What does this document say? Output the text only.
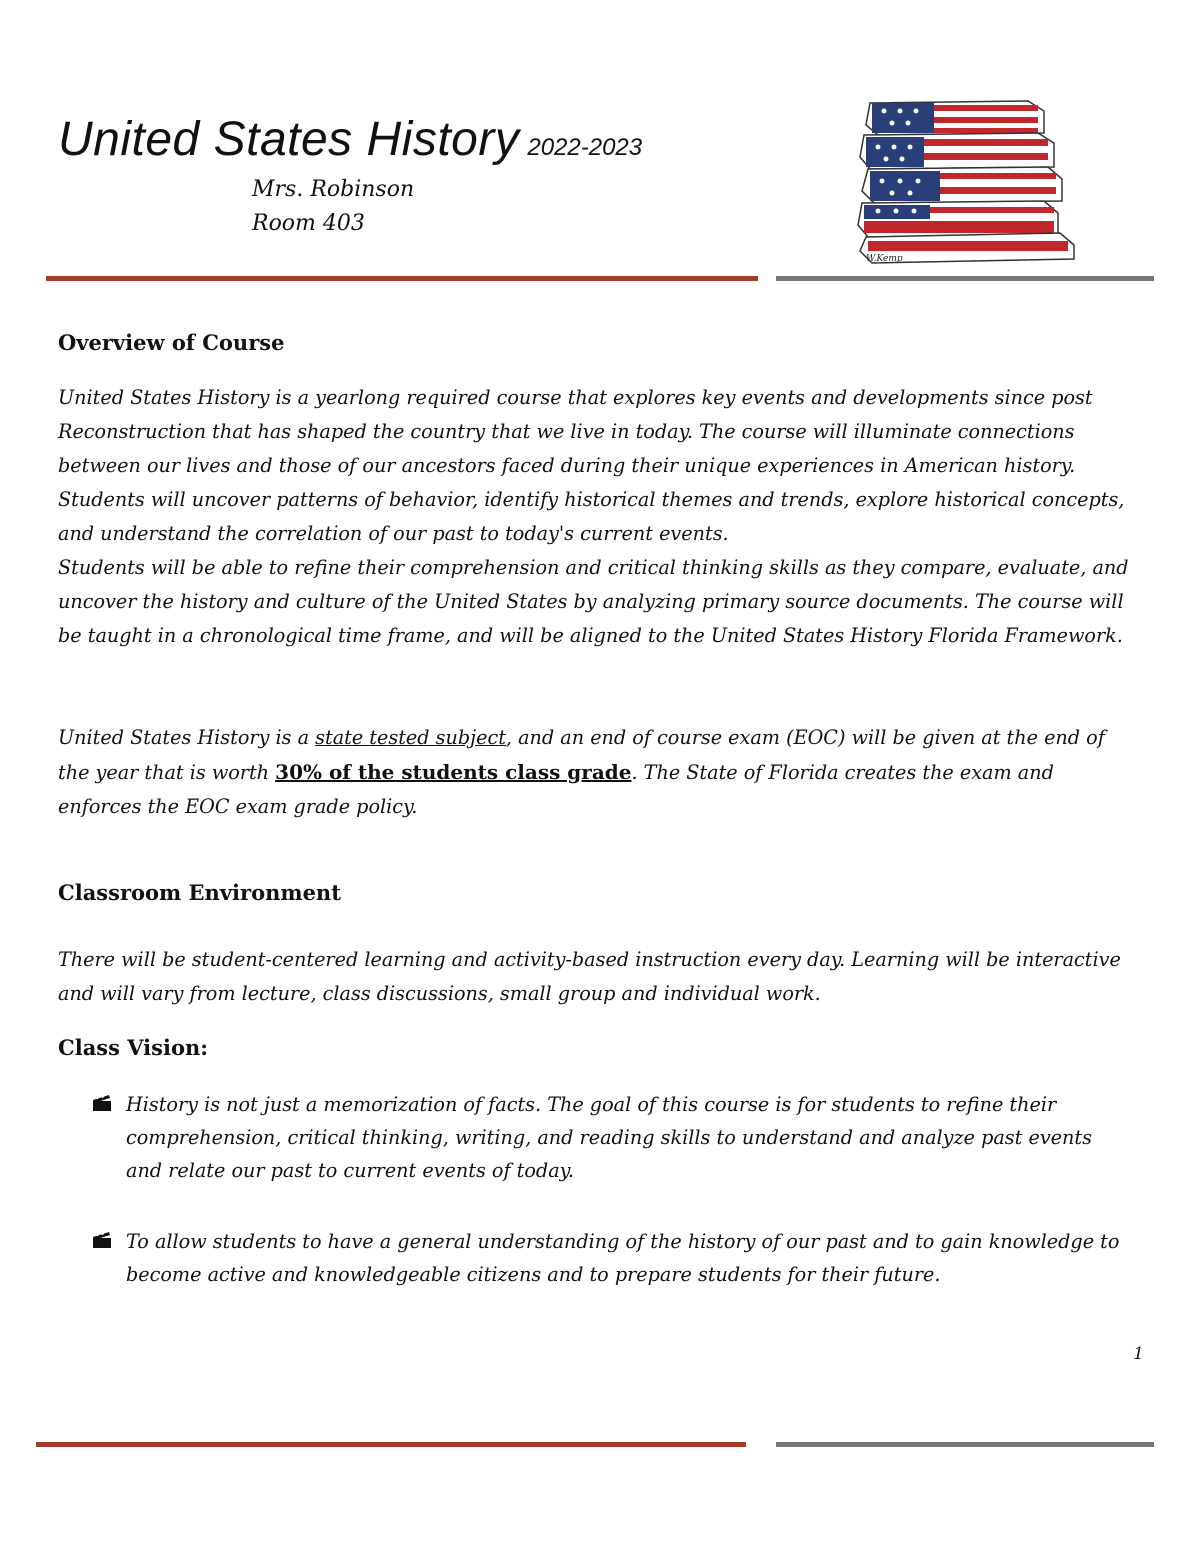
United States History 2022-2023
Mrs. Robinson
Room 403
W.Kemp
Overview of Course
United States History is a yearlong required course that explores key events and developments since post Reconstruction that has shaped the country that we live in today. The course will illuminate connections between our lives and those of our ancestors faced during their unique experiences in American history. Students will uncover patterns of behavior, identify historical themes and trends, explore historical concepts, and understand the correlation of our past to today's current events.
Students will be able to refine their comprehension and critical thinking skills as they compare, evaluate, and uncover the history and culture of the United States by analyzing primary source documents. The course will be taught in a chronological time frame, and will be aligned to the United States History Florida Framework.
United States History is a state tested subject, and an end of course exam (EOC) will be given at the end of the year that is worth 30% of the students class grade. The State of Florida creates the exam and enforces the EOC exam grade policy.
Classroom Environment
There will be student-centered learning and activity-based instruction every day. Learning will be interactive and will vary from lecture, class discussions, small group and individual work.
Class Vision:
History is not just a memorization of facts. The goal of this course is for students to refine their comprehension, critical thinking, writing, and reading skills to understand and analyze past events and relate our past to current events of today.
To allow students to have a general understanding of the history of our past and to gain knowledge to become active and knowledgeable citizens and to prepare students for their future.
1
